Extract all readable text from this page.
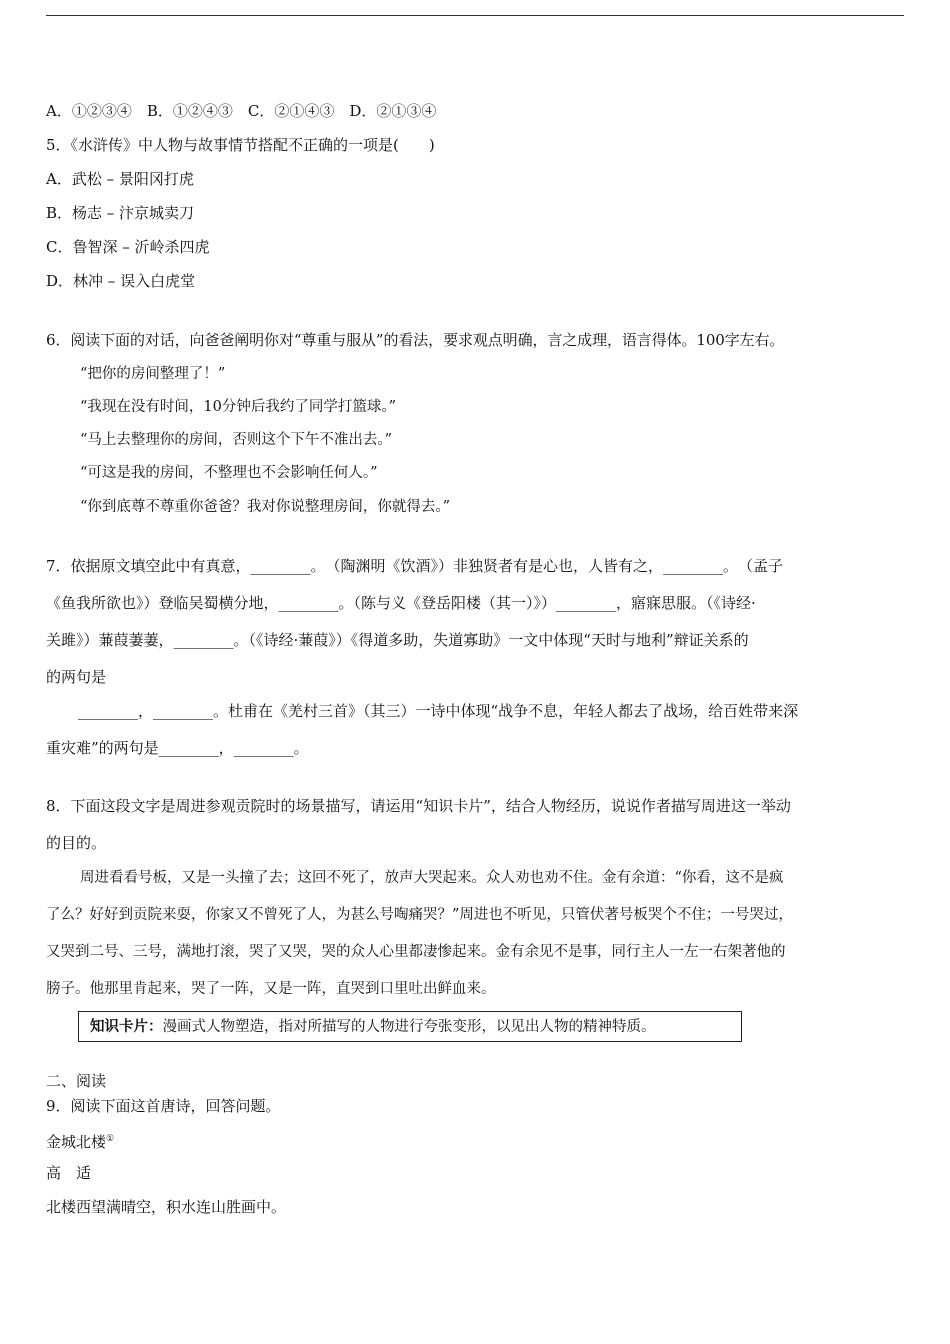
A．①②③④　B．①②④③　C．②①④③　D．②①③④
5．《水浒传》中人物与故事情节搭配不正确的一项是(　　)
A．武松 – 景阳冈打虎
B．杨志 – 汴京城卖刀
C．鲁智深 – 沂岭杀四虎
D．林冲 – 误入白虎堂
6．阅读下面的对话，向爸爸阐明你对“尊重与服从”的看法，要求观点明确，言之成理，语言得体。100字左右。
“把你的房间整理了！”
“我现在没有时间，10分钟后我约了同学打篮球。”
“马上去整理你的房间，否则这个下午不准出去。”
“可这是我的房间，不整理也不会影响任何人。”
“你到底尊不尊重你爸爸？我对你说整理房间，你就得去。”
7．依据原文填空此中有真意，________。　（陶渊明《饮酒》）非独贤者有是心也，人皆有之，________。　（孟子
《鱼我所欲也》）登临吴蜀横分地，________。（陈与义《登岳阳楼（其一）》）________，寤寐思服。（《诗经·
关雎》）蒹葭萋萋，________。（《诗经·蒹葭》）《得道多助，失道寡助》一文中体现“天时与地利”辩证关系的
的两句是
________，________。杜甫在《羌村三首》（其三）一诗中体现“战争不息，年轻人都去了战场，给百姓带来深
重灾难”的两句是________，________。
8．下面这段文字是周进参观贡院时的场景描写，请运用“知识卡片”，结合人物经历，说说作者描写周进这一举动
的目的。
周进看看号板，又是一头撞了去；这回不死了，放声大哭起来。众人劝也劝不住。金有余道：“你看，这不是疯
了么？好好到贡院来耍，你家又不曾死了人，为甚么号啕痛哭？”周进也不听见，只管伏著号板哭个不住；一号哭过，
又哭到二号、三号，满地打滚，哭了又哭，哭的众人心里都凄惨起来。金有余见不是事，同行主人一左一右架著他的
膀子。他那里肯起来，哭了一阵，又是一阵，直哭到口里吐出鲜血来。
知识卡片：漫画式人物塑造，指对所描写的人物进行夸张变形，以见出人物的精神特质。
二、阅读
9．阅读下面这首唐诗，回答问题。
金城北楼①
高　适
北楼西望满晴空，积水连山胜画中。
